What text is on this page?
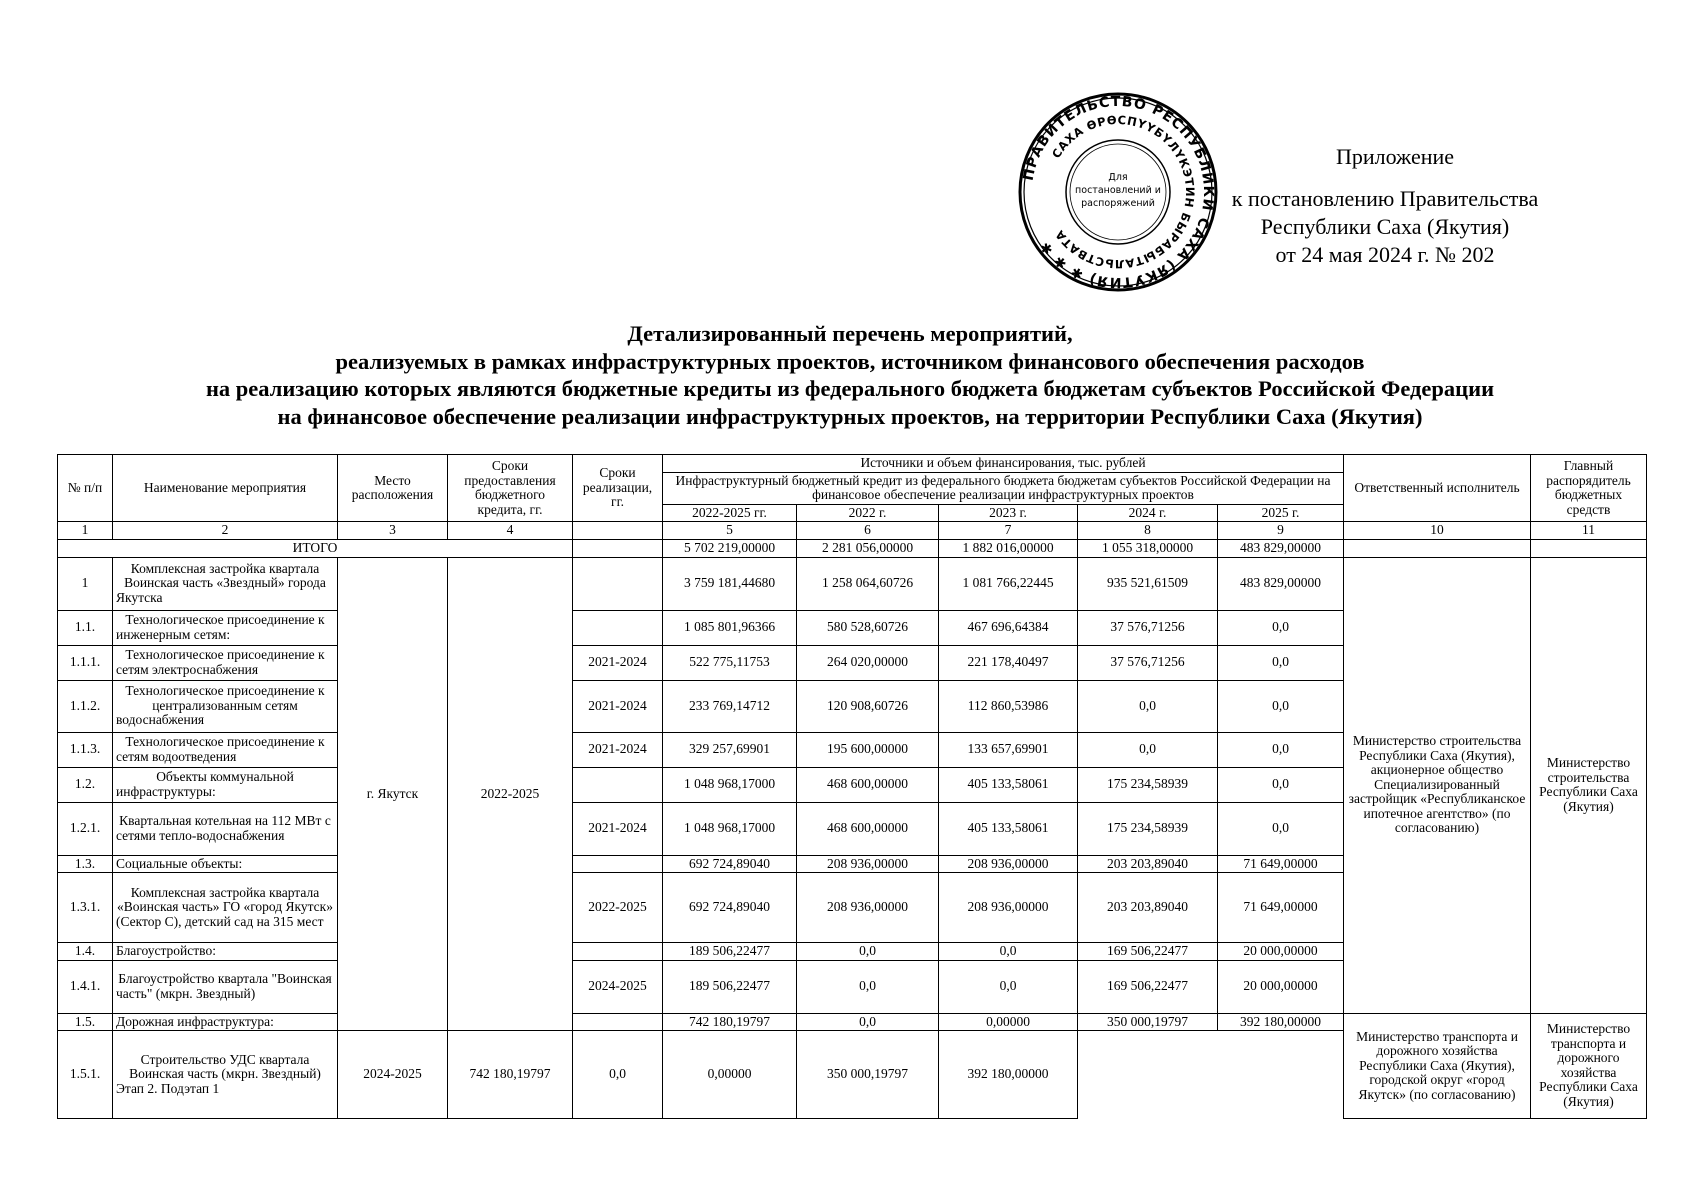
ПРАВИТЕЛЬСТВО РЕСПУБЛИКИ САХА (ЯКУТИЯ) ✱ ✱ ✱
САХА ӨРӨСПҮҮБҮЛҮКЭТИН БЫРАБЫТАЛЬСТВАТА
Для
постановлений и
распоряжений
Приложение
к постановлению Правительства
Республики Саха (Якутия)
от 24 мая 2024 г. № 202
Детализированный перечень мероприятий,
реализуемых в рамках инфраструктурных проектов, источником финансового обеспечения расходов
на реализацию которых являются бюджетные кредиты из федерального бюджета бюджетам субъектов Российской Федерации
на финансовое обеспечение реализации инфраструктурных проектов, на территории Республики Саха (Якутия)
№ п/п	Наименование мероприятия	Место расположения	Сроки предоставления бюджетного кредита, гг.	Сроки реализации, гг.	Источники и объем финансирования, тыс. рублей					Ответственный исполнитель	Главный распорядитель бюджетных средств
					Инфраструктурный бюджетный кредит из федерального бюджета бюджетам субъектов Российской Федерации на финансовое обеспечение реализации инфраструктурных проектов						
					2022-2025 гг.	2022 г.	2023 г.	2024 г.	2025 г.		
1	2	3	4		5	6	7	8	9	10	11
ИТОГО					5 702 219,00000	2 281 056,00000	1 882 016,00000	1 055 318,00000	483 829,00000		
1	Комплексная застройка квартала Воинская часть «Звездный» города Якутска	г. Якутск	2022-2025		3 759 181,44680	1 258 064,60726	1 081 766,22445	935 521,61509	483 829,00000	Министерство строительства Республики Саха (Якутия), акционерное общество Специализированный застройщик «Республиканское ипотечное агентство» (по согласованию)	Министерство строительства Республики Саха (Якутия)
1.1.	Технологическое присоединение к инженерным сетям:				1 085 801,96366	580 528,60726	467 696,64384	37 576,71256	0,0		
1.1.1.	Технологическое присоединение к сетям электроснабжения			2021-2024	522 775,11753	264 020,00000	221 178,40497	37 576,71256	0,0		
1.1.2.	Технологическое присоединение к централизованным сетям водоснабжения			2021-2024	233 769,14712	120 908,60726	112 860,53986	0,0	0,0		
1.1.3.	Технологическое присоединение к сетям водоотведения			2021-2024	329 257,69901	195 600,00000	133 657,69901	0,0	0,0		
1.2.	Объекты коммунальной инфраструктуры:				1 048 968,17000	468 600,00000	405 133,58061	175 234,58939	0,0		
1.2.1.	Квартальная котельная на 112 МВт с сетями тепло-водоснабжения			2021-2024	1 048 968,17000	468 600,00000	405 133,58061	175 234,58939	0,0		
1.3.	Социальные объекты:				692 724,89040	208 936,00000	208 936,00000	203 203,89040	71 649,00000		
1.3.1.	Комплексная застройка квартала «Воинская часть» ГО «город Якутск» (Сектор С), детский сад на 315 мест			2022-2025	692 724,89040	208 936,00000	208 936,00000	203 203,89040	71 649,00000		
1.4.	Благоустройство:				189 506,22477	0,0	0,0	169 506,22477	20 000,00000		
1.4.1.	Благоустройство квартала "Воинская часть" (мкрн. Звездный)			2024-2025	189 506,22477	0,0	0,0	169 506,22477	20 000,00000		
1.5.	Дорожная инфраструктура:				742 180,19797	0,0	0,00000	350 000,19797	392 180,00000	Министерство транспорта и дорожного хозяйства Республики Саха (Якутия), городской округ «город Якутск» (по согласованию)	Министерство транспорта и дорожного хозяйства Республики Саха (Якутия)
1.5.1.	Строительство УДС квартала Воинская часть (мкрн. Звездный) Этап 2. Подэтап 1	2024-2025	742 180,19797	0,0	0,00000	350 000,19797	392 180,00000				
